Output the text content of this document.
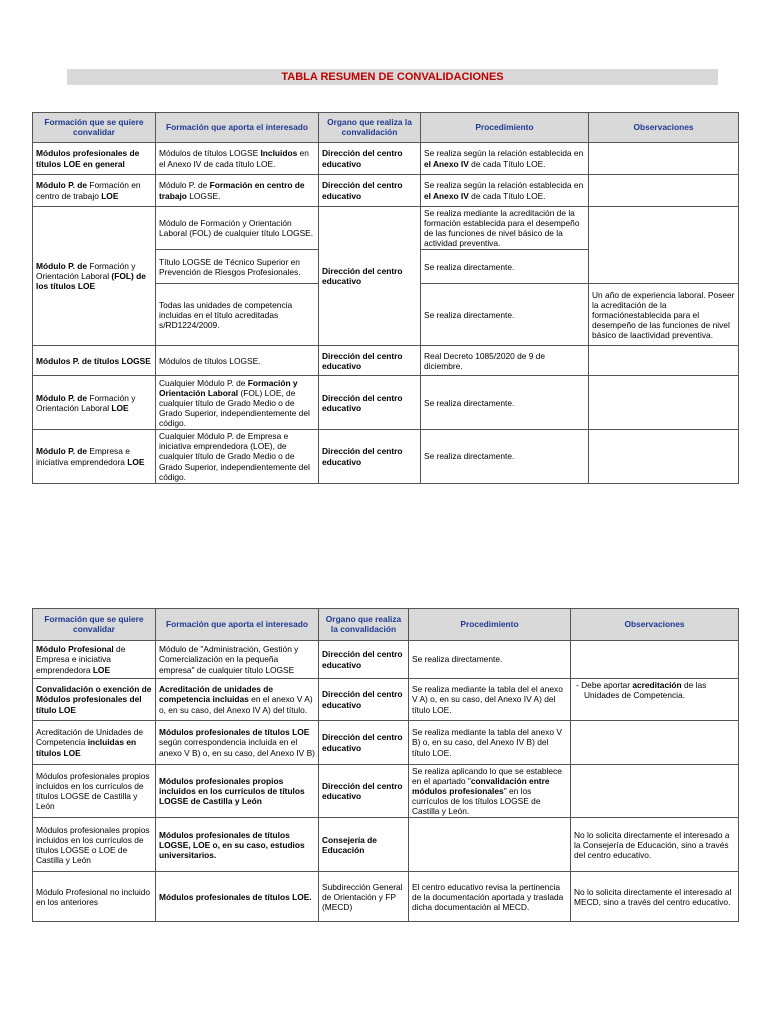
TABLA RESUMEN DE CONVALIDACIONES
Formación que se quiere convalidar	Formación que aporta el interesado	Organo que realiza la convalidación	Procedimiento	Observaciones
Módulos profesionales de títulos LOE en general	Módulos de títulos LOGSE Incluidos en el Anexo IV de cada título LOE.	Dirección del centro educativo	Se realiza según la relación establecida en el Anexo IV de cada Título LOE.	
Módulo P. de Formación en centro de trabajo LOE	Módulo P. de Formación en centro de trabajo LOGSE.	Dirección del centro educativo	Se realiza según la relación establecida en el Anexo IV de cada Título LOE.	
Módulo P. de Formación y Orientación Laboral (FOL) de los títulos LOE	Módulo de Formación y Orientación Laboral (FOL) de cualquier título LOGSE.	Dirección del centro educativo	Se realiza mediante la acreditación de la formación establecida para el desempeño de las funciones de nivel básico de la actividad preventiva.	
	Título LOGSE de Técnico Superior en Prevención de Riesgos Profesionales.		Se realiza directamente.	
	Todas las unidades de competencia incluidas en el título acreditadas s/RD1224/2009.		Se realiza directamente.	Un año de experiencia laboral. Poseer la acreditación de la formaciónestablecida para el desempeño de las funciones de nivel básico de laactividad preventiva.
Módulos P. de títulos LOGSE	Módulos de títulos LOGSE.	Dirección del centro educativo	Real Decreto 1085/2020 de 9 de diciembre.	
Módulo P. de Formación y Orientación Laboral LOE	Cualquier Módulo P. de Formación y Orientación Laboral (FOL) LOE, de cualquier título de Grado Medio o de Grado Superior, independientemente del código.	Dirección del centro educativo	Se realiza directamente.	
Módulo P. de Empresa e iniciativa emprendedora LOE	Cualquier Módulo P. de Empresa e iniciativa emprendedora (LOE), de cualquier título de Grado Medio o de Grado Superior, independientemente del código.	Dirección del centro educativo	Se realiza directamente.	
Formación que se quiere convalidar	Formación que aporta el interesado	Organo que realiza la convalidación	Procedimiento	Observaciones
Módulo Profesional de Empresa e iniciativa emprendedora LOE	Módulo de "Administración, Gestión y Comercialización en la pequeña empresa" de cualquier título LOGSE	Dirección del centro educativo	Se realiza directamente.	
Convalidación o exención de Módulos profesionales del título LOE	Acreditación de unidades de competencia incluidas en el anexo V A) o, en su caso, del Anexo IV A) del título.	Dirección del centro educativo	Se realiza mediante la tabla del el anexo V A) o, en su caso, del Anexo IV A) del título LOE.	- Debe aportar acreditación de las Unidades de Competencia.

Acreditación de Unidades de Competencia incluidas en títulos LOE	Módulos profesionales de títulos LOE según correspondencia incluida en el anexo V B) o, en su caso, del Anexo IV B)	Dirección del centro educativo	Se realiza mediante la tabla del anexo V B) o, en su caso, del Anexo IV B) del título LOE.	
Módulos profesionales propios incluidos en los currículos de títulos LOGSE de Castilla y León	Módulos profesionales propios incluidos en los currículos de títulos LOGSE de Castilla y León	Dirección del centro educativo	Se realiza aplicando lo que se establece en el apartado "convalidación entre módulos profesionales" en los currículos de los títulos LOGSE de Castilla y León.	
Módulos profesionales propios incluidos en los currículos de títulos LOGSE o LOE de Castilla y León	Módulos profesionales de títulos LOGSE, LOE o, en su caso, estudios universitarios.	Consejería de Educación		No lo solicita directamente el interesado a la Consejería de Educación, sino a través del centro educativo.
Módulo Profesional no incluido en los anteriores	Módulos profesionales de títulos LOE.	Subdirección General de Orientación y FP (MECD)	El centro educativo revisa la pertinencia de la documentación aportada y traslada dicha documentación al MECD.	No lo solicita directamente el interesado al MECD, sino a través del centro educativo.
